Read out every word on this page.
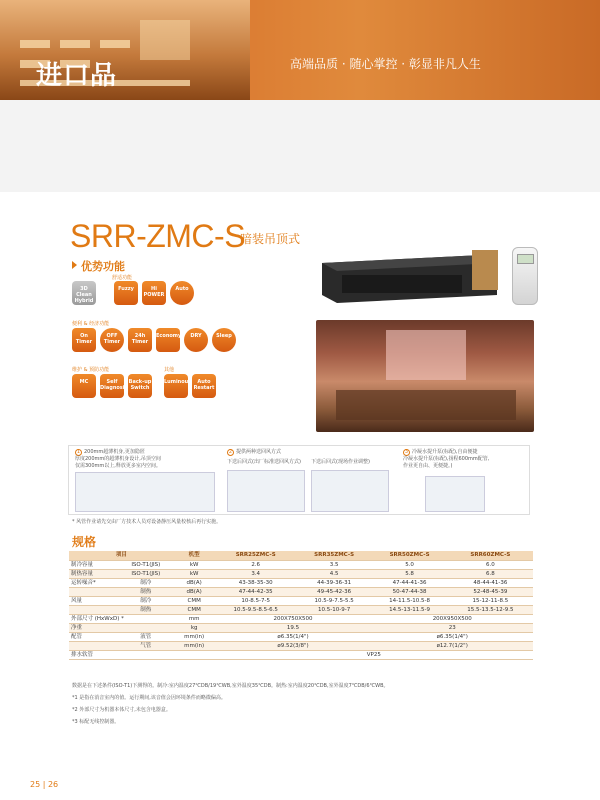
进口品	高端品质 · 随心掌控 · 彰显非凡人生
SRR-ZMC-S
暗装吊顶式
优势功能
舒适功能
3D Clean Hybrid
Fuzzy	Hi POWER
Auto
便利 & 经济功能
On Timer
OFF Timer
24h Timer
Economy	DRY	Sleep
维护 & 预防功能	其他
MC	Self Diagnosis
Back-up Switch
Luminous	Auto Restart
1 200mm超薄机身,更加隐匿
厚度200mm的超薄机身设计,吊顶空间
仅需300mm以上,释放更多室内空间。
2 提供两种送回风方式
下送后回式(出厂标准送回风方式)	下送后回式(现场作业调整)
3 冷凝水提升泵(标配),自由便捷
冷凝水提升泵(标配),扬程600mm配管,
作业更自由、更便捷。)
* 风管作业请先交由厂方技术人员对设备静压风量校核后再行实施。
规格
项目		机型	SRR25ZMC-S	SRR35ZMC-S	SRR50ZMC-S	SRR60ZMC-S
制冷容量	ISO-T1(JIS)	kW	2.6	3.5	5.0	6.0
制热容量	ISO-T1(JIS)	kW	3.4	4.5	5.8	6.8
运转噪音*	制冷	dB(A)	43-38-35-30	44-39-36-31	47-44-41-36	48-44-41-36
	制热	dB(A)	47-44-42-35	49-45-42-36	50-47-44-38	52-48-45-39
风量	制冷	CMM	10-8.5-7-5	10.5-9-7.5-5.5	14-11.5-10.5-8	15-12-11-8.5
	制热	CMM	10.5-9.5-8.5-6.5	10.5-10-9-7	14.5-13-11.5-9	15.5-13.5-12-9.5
外部尺寸 (HxWxD) *		mm	200X750X500		200X950X500	
净重		kg	19.5		23	
配管	液管	mm(in)	ø6.35(1/4")		ø6.35(1/4")	
	气管	mm(in)	ø9.52(3/8")		ø12.7(1/2")	
排水软管			VP25			
数据是在下述条件(ISO-T1)下测得的。制冷:室内温度27℃DB/19℃WB,室外温度35℃DB。制热:室内温度20℃DB,室外温度7℃DB/6℃WB。
*1 是指在消音室内的值。运行期间,该音值会因环境条件而略微偏高。
*2 外部尺寸为机器本体尺寸,未包含电器盒。
*3 标配无线控制器。
25 | 26
